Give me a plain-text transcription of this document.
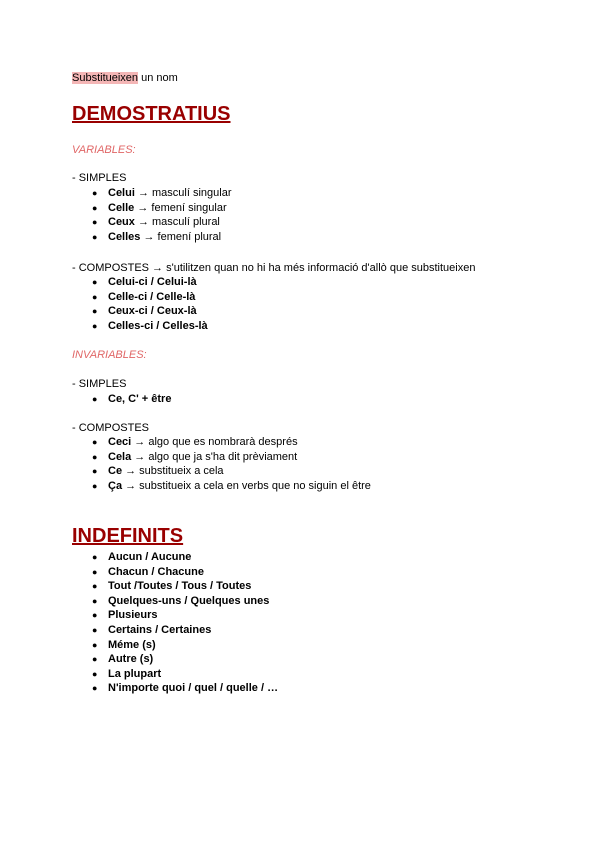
Substitueixen un nom
DEMOSTRATIUS
VARIABLES:
- SIMPLES
● Celui → masculí singular
● Celle → femení singular
● Ceux → masculí plural
● Celles → femení plural
- COMPOSTES → s'utilitzen quan no hi ha més informació d'allò que substitueixen
● Celui-ci / Celui-là
● Celle-ci / Celle-là
● Ceux-ci / Ceux-là
● Celles-ci / Celles-là
INVARIABLES:
- SIMPLES
● Ce, C' + être
- COMPOSTES
● Ceci → algo que es nombrarà després
● Cela → algo que ja s'ha dit prèviament
● Ce → substitueix a cela
● Ça → substitueix a cela en verbs que no siguin el être
INDEFINITS
● Aucun / Aucune
● Chacun / Chacune
● Tout /Toutes / Tous / Toutes
● Quelques-uns / Quelques unes
● Plusieurs
● Certains / Certaines
● Méme (s)
● Autre (s)
● La plupart
● N'importe quoi / quel / quelle / …
